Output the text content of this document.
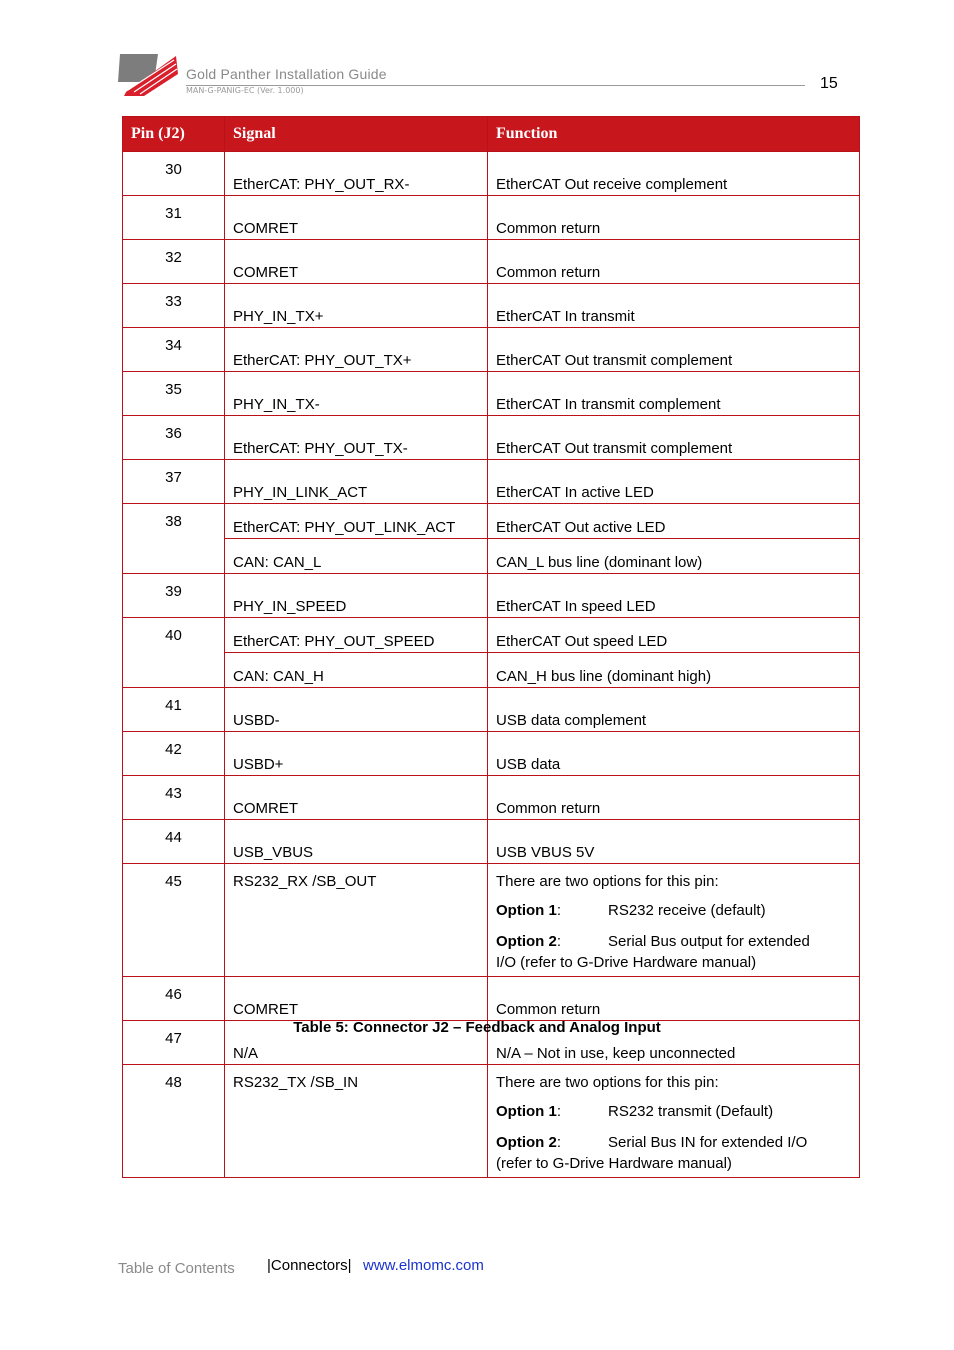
Gold Panther Installation Guide
MAN-G-PANIG-EC (Ver. 1.000)	15
Pin (J2)	Signal	Function
30	EtherCAT: PHY_OUT_RX-	EtherCAT Out receive complement
31	COMRET	Common return
32	COMRET	Common return
33	PHY_IN_TX+	EtherCAT In transmit
34	EtherCAT: PHY_OUT_TX+	EtherCAT Out transmit complement
35	PHY_IN_TX-	EtherCAT In transmit complement
36	EtherCAT: PHY_OUT_TX-	EtherCAT Out transmit complement
37	PHY_IN_LINK_ACT	EtherCAT In active LED
38	EtherCAT: PHY_OUT_LINK_ACT	EtherCAT Out active LED
	CAN: CAN_L	CAN_L bus line (dominant low)
39	PHY_IN_SPEED	EtherCAT In speed LED
40	EtherCAT: PHY_OUT_SPEED	EtherCAT Out speed LED
	CAN: CAN_H	CAN_H bus line (dominant high)
41	USBD-	USB data complement
42	USBD+	USB data
43	COMRET	Common return
44	USB_VBUS	USB VBUS 5V
45	RS232_RX /SB_OUT	There are two options for this pin:
Option 1: RS232 receive (default)
Option 2: Serial Bus output for extended
I/O (refer to G-Drive Hardware manual)

46	COMRET	Common return
47	N/A	N/A – Not in use, keep unconnected
48	RS232_TX /SB_IN	There are two options for this pin:
Option 1: RS232 transmit (Default)
Option 2: Serial Bus IN for extended I/O
(refer to G-Drive Hardware manual)
Table 5: Connector J2 – Feedback and Analog Input
Table of Contents |Connectors| www.elmomc.com
